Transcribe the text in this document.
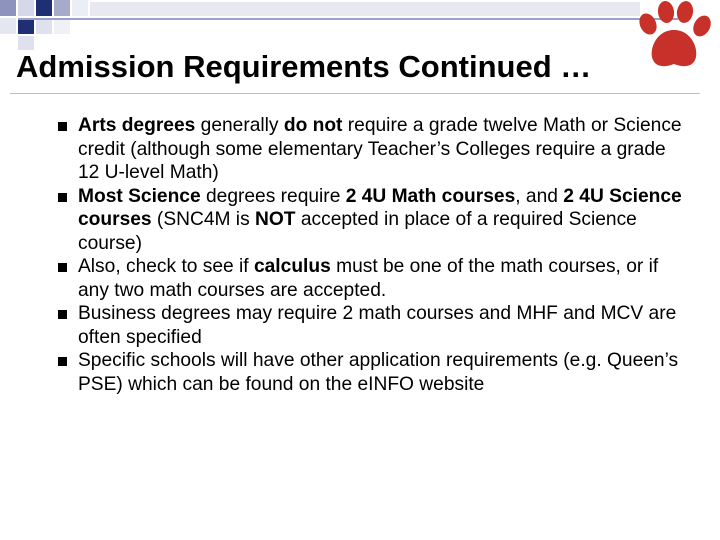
Admission Requirements Continued …
Arts degrees generally do not require a grade twelve Math or Science credit (although some elementary Teacher’s Colleges require a grade 12 U-level Math)
Most Science degrees require 2 4U Math courses, and 2 4U Science courses (SNC4M is NOT accepted in place of a required Science course)
Also, check to see if calculus must be one of the math courses, or if any two math courses are accepted.
Business degrees may require 2 math courses and MHF and MCV are often specified
Specific schools will have other application requirements (e.g. Queen’s PSE) which can be found on the eINFO website
